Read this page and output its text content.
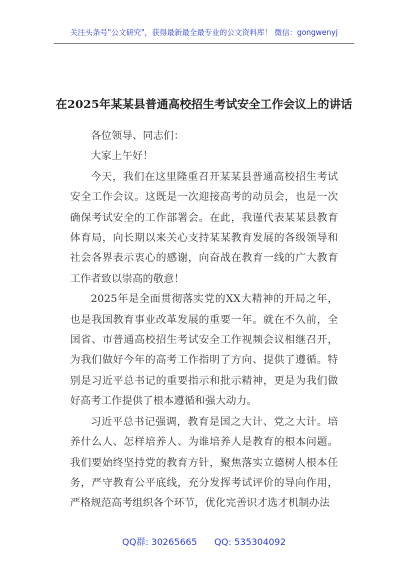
关注头条号"公文研究"，获得最新最全最专业的公文资料库！ 微信：gongwenyj
在2025年某某县普通高校招生考试安全工作会议上的讲话

各位领导、同志们：

大家上午好！

今天，我们在这里隆重召开某某县普通高校招生考试安全工作会议。这既是一次迎接高考的动员会，也是一次确保考试安全的工作部署会。在此，我谨代表某某县教育体育局，向长期以来关心支持某某教育发展的各级领导和社会各界表示衷心的感谢，向奋战在教育一线的广大教育工作者致以崇高的敬意！

2025年是全面贯彻落实党的XX大精神的开局之年，也是我国教育事业改革发展的重要一年。就在不久前，全国省、市普通高校招生考试安全工作视频会议相继召开，为我们做好今年的高考工作指明了方向、提供了遵循。特别是习近平总书记的重要指示和批示精神，更是为我们做好高考工作提供了根本遵循和强大动力。

习近平总书记强调，教育是国之大计、党之大计。培养什么人、怎样培养人、为谁培养人是教育的根本问题。我们要始终坚持党的教育方针，聚焦落实立德树人根本任务，严守教育公平底线，充分发挥考试评价的导向作用，严格规范高考组织各个环节，优化完善识才选才机制办法

QQ群: 30265665      QQ: 535304092
